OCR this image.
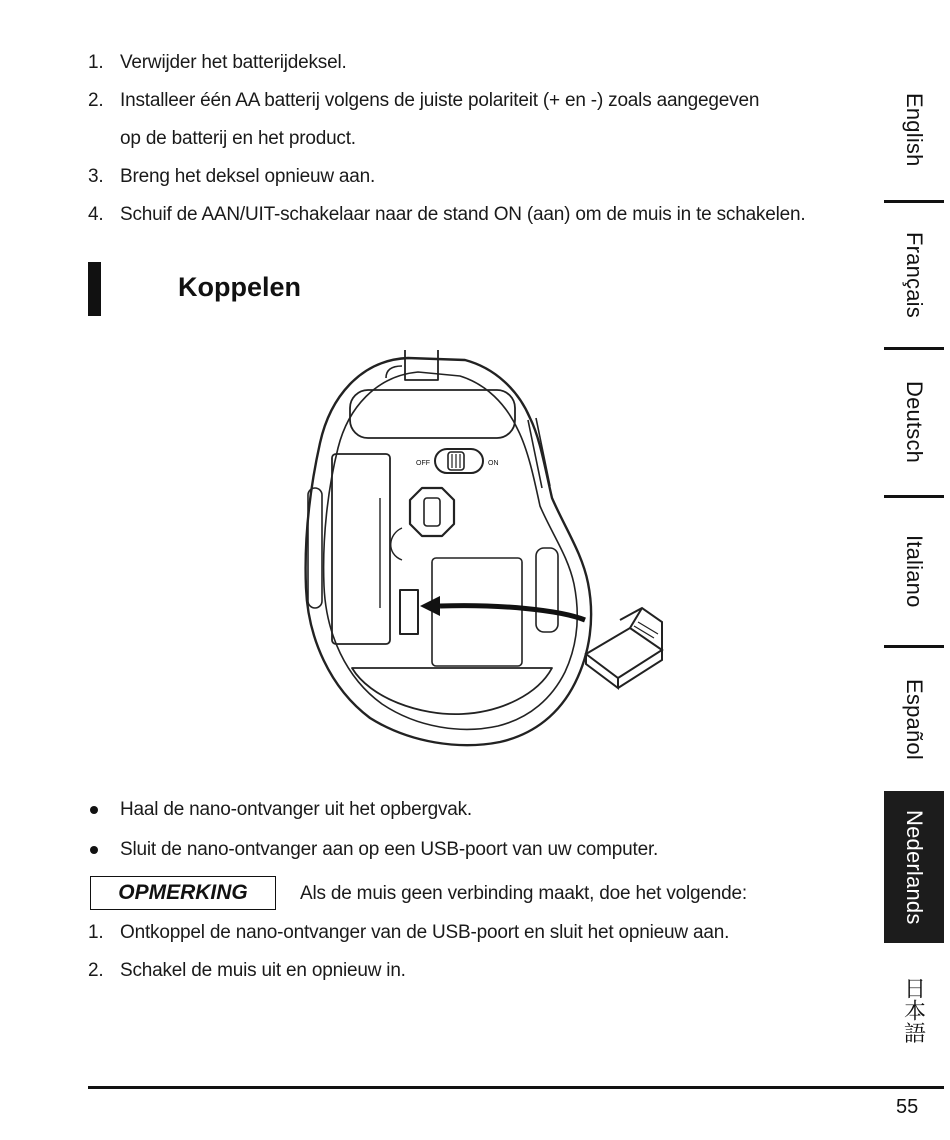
1. Verwijder het batterijdeksel.
2. Installeer één AA batterij volgens de juiste polariteit (+ en -) zoals aangegeven
op de batterij en het product.
3. Breng het deksel opnieuw aan.
4. Schuif de AAN/UIT-schakelaar naar de stand ON (aan) om de muis in te schakelen.
Koppelen
OFF	ON
Haal de nano-ontvanger uit het opbergvak.
Sluit de nano-ontvanger aan op een USB-poort van uw computer.
OPMERKING	Als de muis geen verbinding maakt, doe het volgende:
1. Ontkoppel de nano-ontvanger van de USB-poort en sluit het opnieuw aan.
2. Schakel de muis uit en opnieuw in.
English
Français
Deutsch
Italiano
Español
Nederlands
日本語
55
